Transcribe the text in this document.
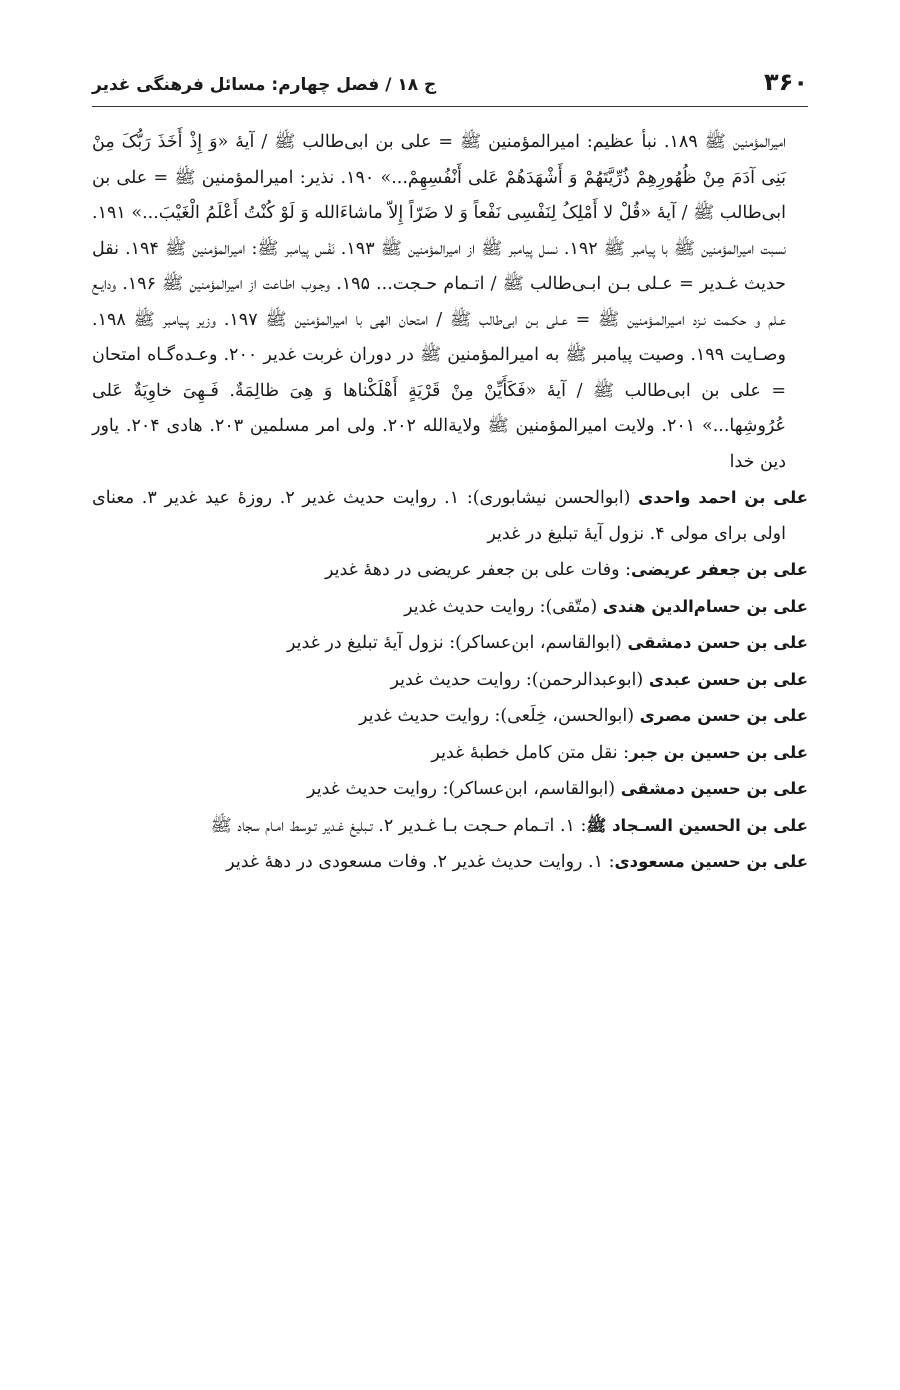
۳۶۰
ج ۱۸ / فصل چهارم: مسائل فرهنگی غدیر

امیرالمؤمنین ﷺ ۱۸۹. نبأ عظیم: امیرالمؤمنین ﷺ = علی بن ابی‌طالب ﷺ / آیهٔ «وَ إِذْ أَخَذَ رَبُّکَ مِنْ بَنِی آدَمَ مِنْ ظُهُورِهِمْ ذُرِّیَّتَهُمْ وَ أَشْهَدَهُمْ عَلی أَنْفُسِهِمْ...» ۱۹۰. نذیر: امیرالمؤمنین ﷺ = علی بن ابی‌طالب ﷺ / آیهٔ «قُلْ لا أَمْلِکُ لِنَفْسِی نَفْعاً وَ لا ضَرّاً إِلاّ ماشاءَالله وَ لَوْ کُنْتُ أَعْلَمُ الْغَیْبَ...» ۱۹۱. نسبت امیرالمؤمنین ﷺ با پیامبر ﷺ ۱۹۲. نسل پیامبر ﷺ از امیرالمؤمنین ﷺ ۱۹۳. نَفْس پیامبر ﷺ: امیرالمؤمنین ﷺ ۱۹۴. نقل حدیث غـدیر = عـلی بـن ابـی‌طالب ﷺ / اتـمام حـجت... ۱۹۵. وجـوب اطـاعت از امیرالمؤمنین ﷺ ۱۹۶. ودایـع عـلم و حکـمت نـزد امـیرالمـؤمنین ﷺ = عـلی بـن ابی‌طالب ﷺ / امتحان الهی با امیرالمؤمنین ﷺ ۱۹۷. وزیر پـیامبر ﷺ ۱۹۸. وصـایت ۱۹۹. وصیت پیامبر ﷺ به امیرالمؤمنین ﷺ در دوران غربت غدیر ۲۰۰. وعـده‌گـاه امتحان = علی بن ابی‌طالب ﷺ / آیهٔ «فَکَأَیِّنْ مِنْ قَرْیَةٍ أَهْلَکْناها وَ هِیَ ظالِمَةٌ. فَـهِیَ خاوِیَةٌ عَلی عُرُوشِها...» ۲۰۱. ولایت امیرالمؤمنین ﷺ ولایة‌الله ۲۰۲. ولی امر مسلمین ۲۰۳. هادی ۲۰۴. یاور دین خدا

علی بن احمد واحدی (ابوالحسن نیشابوری): ۱. روایت حدیث غدیر ۲. روزهٔ عید غدیر ۳. معنای اولی برای مولی ۴. نزول آیهٔ تبلیغ در غدیر

علی بن جعفر عریضی: وفات علی بن جعفر عریضی در دههٔ غدیر

علی بن حسام‌الدین هندی (متّقی): روایت حدیث غدیر

علی بن حسن دمشقی (ابوالقاسم، ابن‌عساکر): نزول آیهٔ تبلیغ در غدیر

علی بن حسن عبدی (ابوعبدالرحمن): روایت حدیث غدیر

علی بن حسن مصری (ابوالحسن، خِلَعی): روایت حدیث غدیر

علی بن حسین بن جبر: نقل متن کامل خطبهٔ غدیر

علی بن حسین دمشقی (ابوالقاسم، ابن‌عساکر): روایت حدیث غدیر

علی بن الحسین السـجاد ﷺ: ۱. اتـمام حـجت بـا غـدیر ۲. تـبلیغ غـدیر تـوسط امـام سجاد ﷺ

علی بن حسین مسعودی: ۱. روایت حدیث غدیر ۲. وفات مسعودی در دههٔ غدیر
